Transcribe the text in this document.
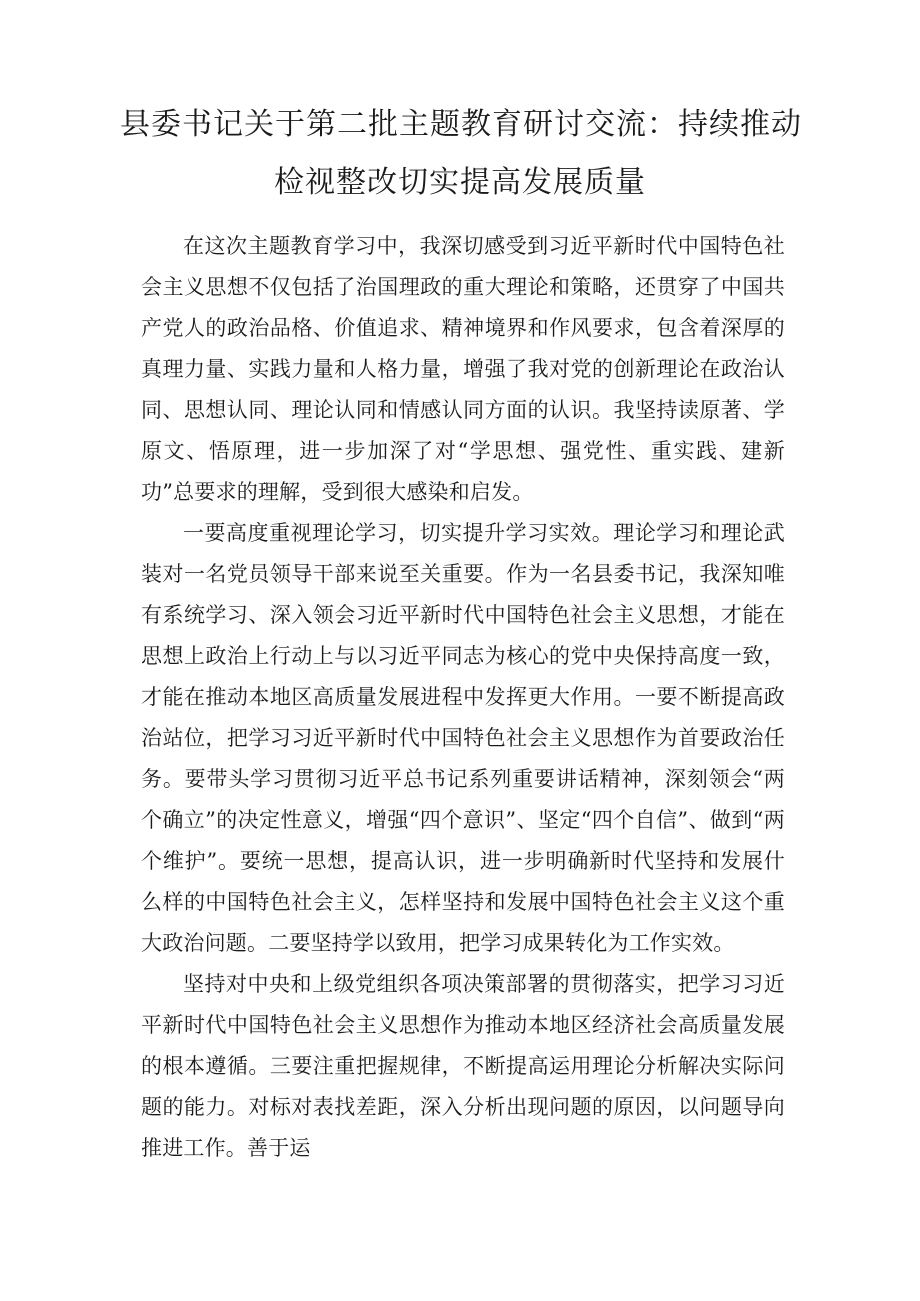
县委书记关于第二批主题教育研讨交流：持续推动
检视整改切实提高发展质量

在这次主题教育学习中，我深切感受到习近平新时代中国特色社会主义思想不仅包括了治国理政的重大理论和策略，还贯穿了中国共产党人的政治品格、价值追求、精神境界和作风要求，包含着深厚的真理力量、实践力量和人格力量，增强了我对党的创新理论在政治认同、思想认同、理论认同和情感认同方面的认识。我坚持读原著、学原文、悟原理，进一步加深了对“学思想、强党性、重实践、建新功”总要求的理解，受到很大感染和启发。

一要高度重视理论学习，切实提升学习实效。理论学习和理论武装对一名党员领导干部来说至关重要。作为一名县委书记，我深知唯有系统学习、深入领会习近平新时代中国特色社会主义思想，才能在思想上政治上行动上与以习近平同志为核心的党中央保持高度一致，才能在推动本地区高质量发展进程中发挥更大作用。一要不断提高政治站位，把学习习近平新时代中国特色社会主义思想作为首要政治任务。要带头学习贯彻习近平总书记系列重要讲话精神，深刻领会“两个确立”的决定性意义，增强“四个意识”、坚定“四个自信”、做到“两个维护”。要统一思想，提高认识，进一步明确新时代坚持和发展什么样的中国特色社会主义，怎样坚持和发展中国特色社会主义这个重大政治问题。二要坚持学以致用，把学习成果转化为工作实效。

坚持对中央和上级党组织各项决策部署的贯彻落实，把学习习近平新时代中国特色社会主义思想作为推动本地区经济社会高质量发展的根本遵循。三要注重把握规律，不断提高运用理论分析解决实际问题的能力。对标对表找差距，深入分析出现问题的原因，以问题导向推进工作。善于运
